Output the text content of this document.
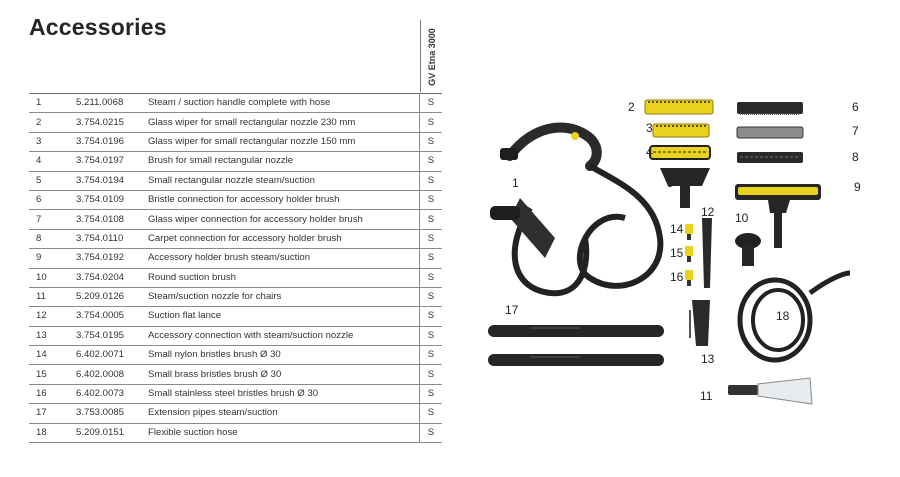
Accessories
GV Etna 3000
1	5.211.0068	Steam / suction handle complete with hose	S
2	3.754.0215	Glass wiper for small rectangular nozzle 230 mm	S
3	3.754.0196	Glass wiper for small rectangular nozzle 150 mm	S
4	3.754.0197	Brush for small rectangular nozzle	S
5	3.754.0194	Small rectangular nozzle steam/suction	S
6	3.754.0109	Bristle connection for accessory holder brush	S
7	3.754.0108	Glass wiper connection for accessory holder brush	S
8	3.754.0110	Carpet connection for accessory holder brush	S
9	3.754.0192	Accessory holder brush steam/suction	S
10	3.754.0204	Round suction brush	S
11	5.209.0126	Steam/suction nozzle for chairs	S
12	3.754.0005	Suction flat lance	S
13	3.754.0195	Accessory connection with steam/suction nozzle	S
14	6.402.0071	Small nylon bristles brush Ø 30	S
15	6.402.0008	Small brass bristles brush Ø 30	S
16	6.402.0073	Small stainless steel bristles brush Ø 30	S
17	3.753.0085	Extension pipes steam/suction	S
18	5.209.0151	Flexible suction hose	S
1
2
3
4
5
6
7
8
9
10
11
12
13
14
15
16
17	18
